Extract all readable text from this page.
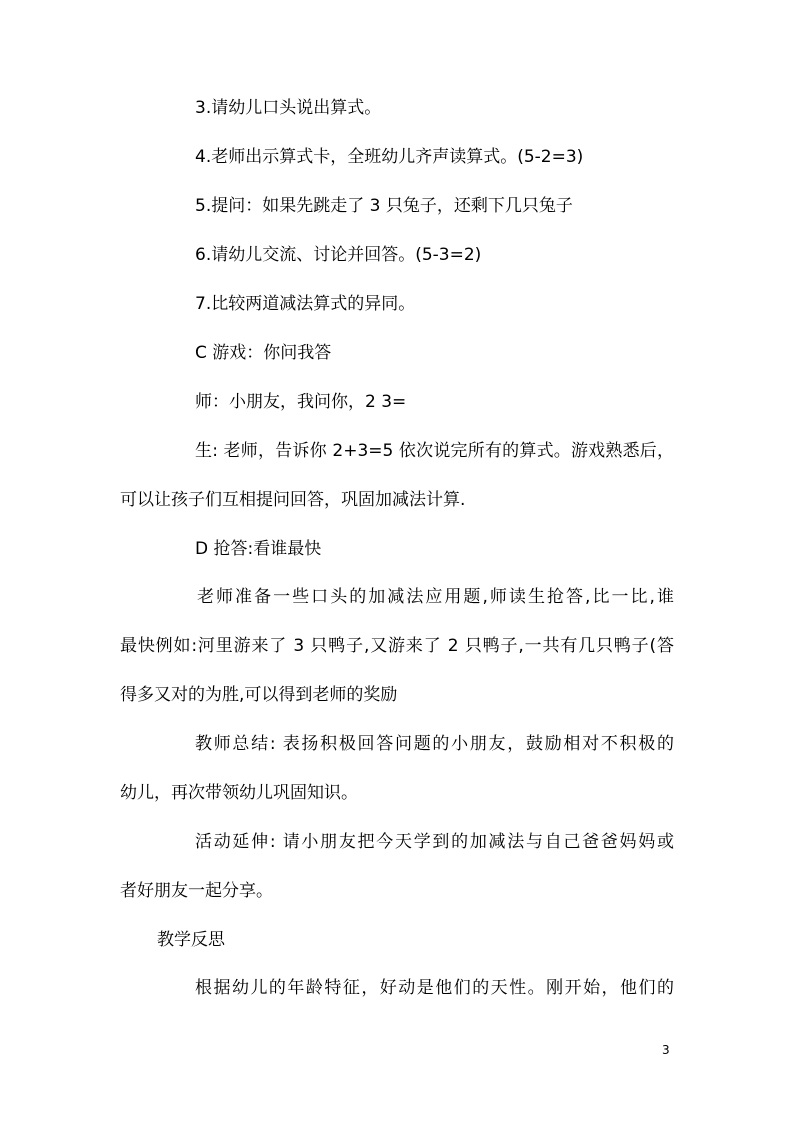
3.请幼儿口头说出算式。
4.老师出示算式卡，全班幼儿齐声读算式。(5-2=3)
5.提问：如果先跳走了 3 只兔子，还剩下几只兔子
6.请幼儿交流、讨论并回答。(5-3=2)
7.比较两道减法算式的异同。
C 游戏：你问我答
师：小朋友，我问你，2 3=
生: 老师，告诉你 2+3=5 依次说完所有的算式。游戏熟悉后，
可以让孩子们互相提问回答，巩固加减法计算.
D 抢答:看谁最快
老师准备一些口头的加减法应用题,师读生抢答,比一比,谁
最快例如:河里游来了 3 只鸭子,又游来了 2 只鸭子,一共有几只鸭子(答
得多又对的为胜,可以得到老师的奖励
教师总结: 表扬积极回答问题的小朋友，鼓励相对不积极的
幼儿，再次带领幼儿巩固知识。
活动延伸: 请小朋友把今天学到的加减法与自己爸爸妈妈或
者好朋友一起分享。
教学反思
根据幼儿的年龄特征，好动是他们的天性。刚开始，他们的
3
